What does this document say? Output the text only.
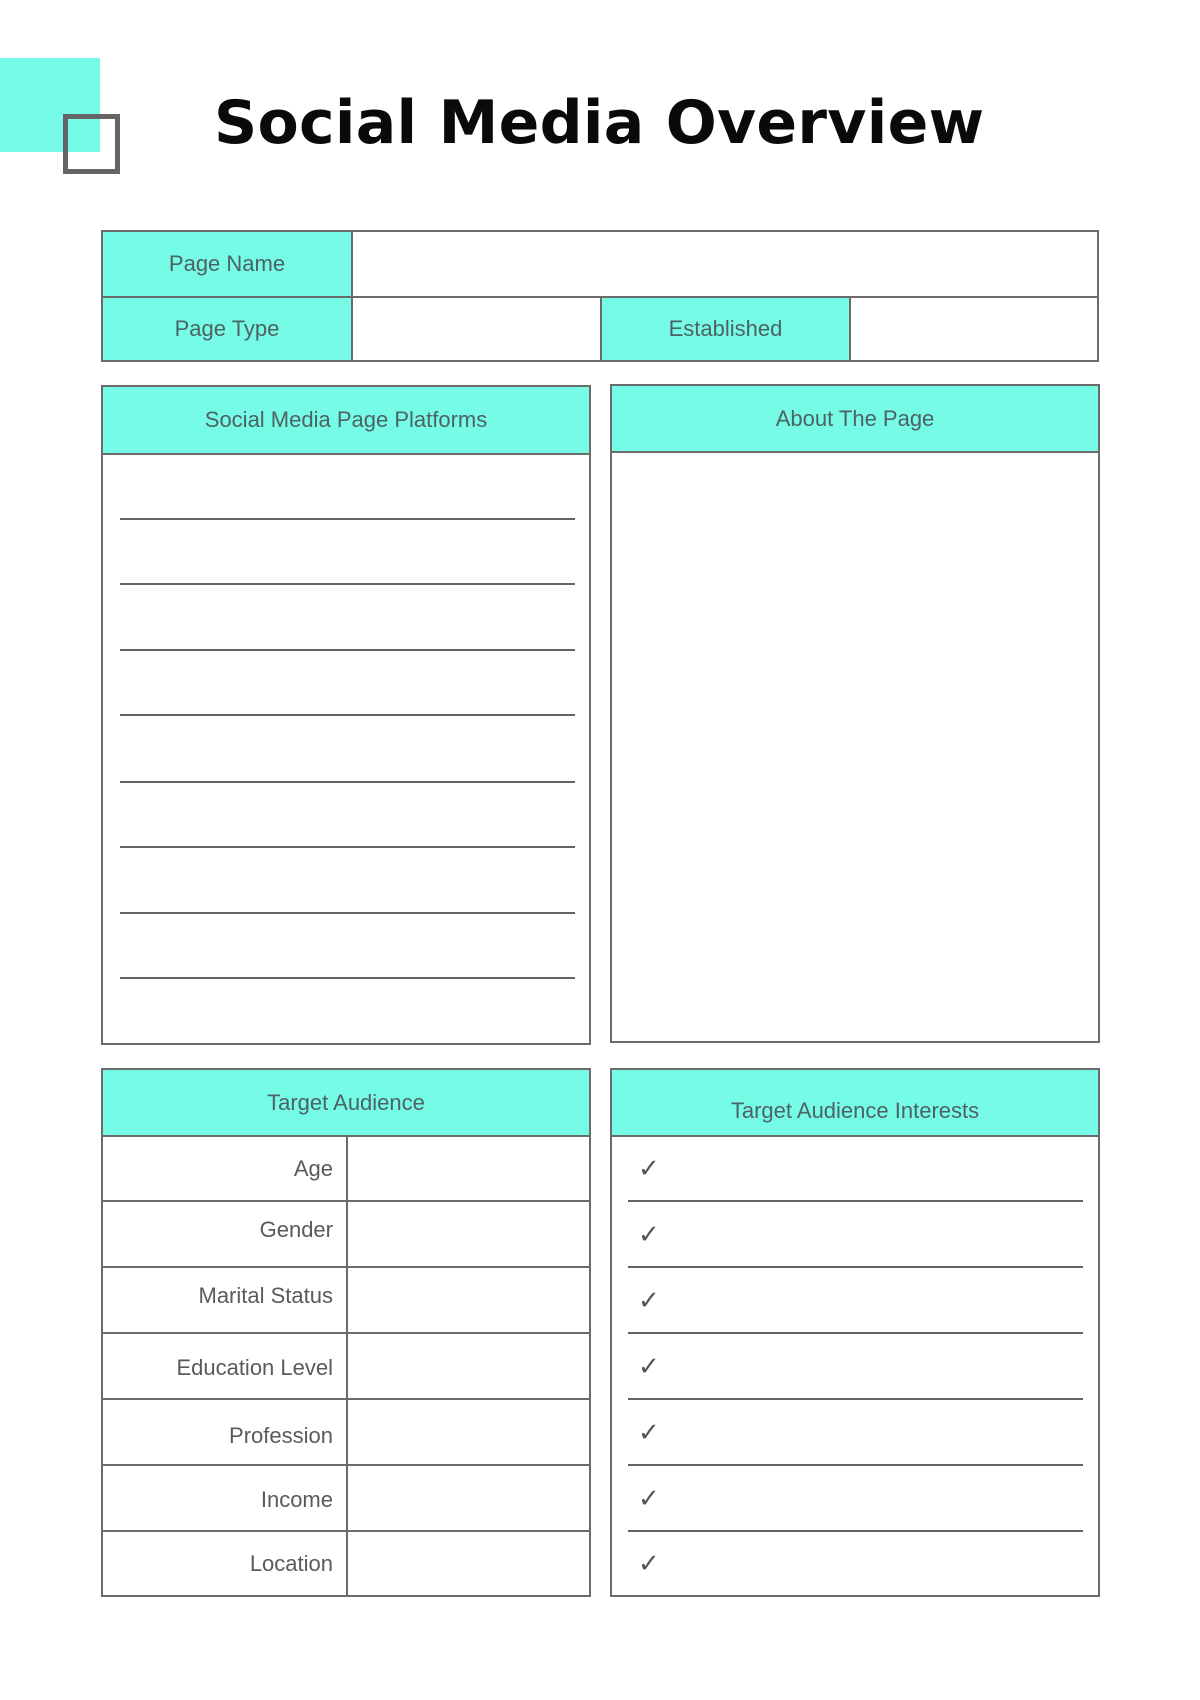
Social Media Overview
Page Name
Page Type	Established
Social Media Page Platforms	About The Page
Target Audience
Age
Gender
Marital Status
Education Level
Profession
Income
Location
Target Audience Interests
✓
✓
✓
✓
✓
✓
✓
